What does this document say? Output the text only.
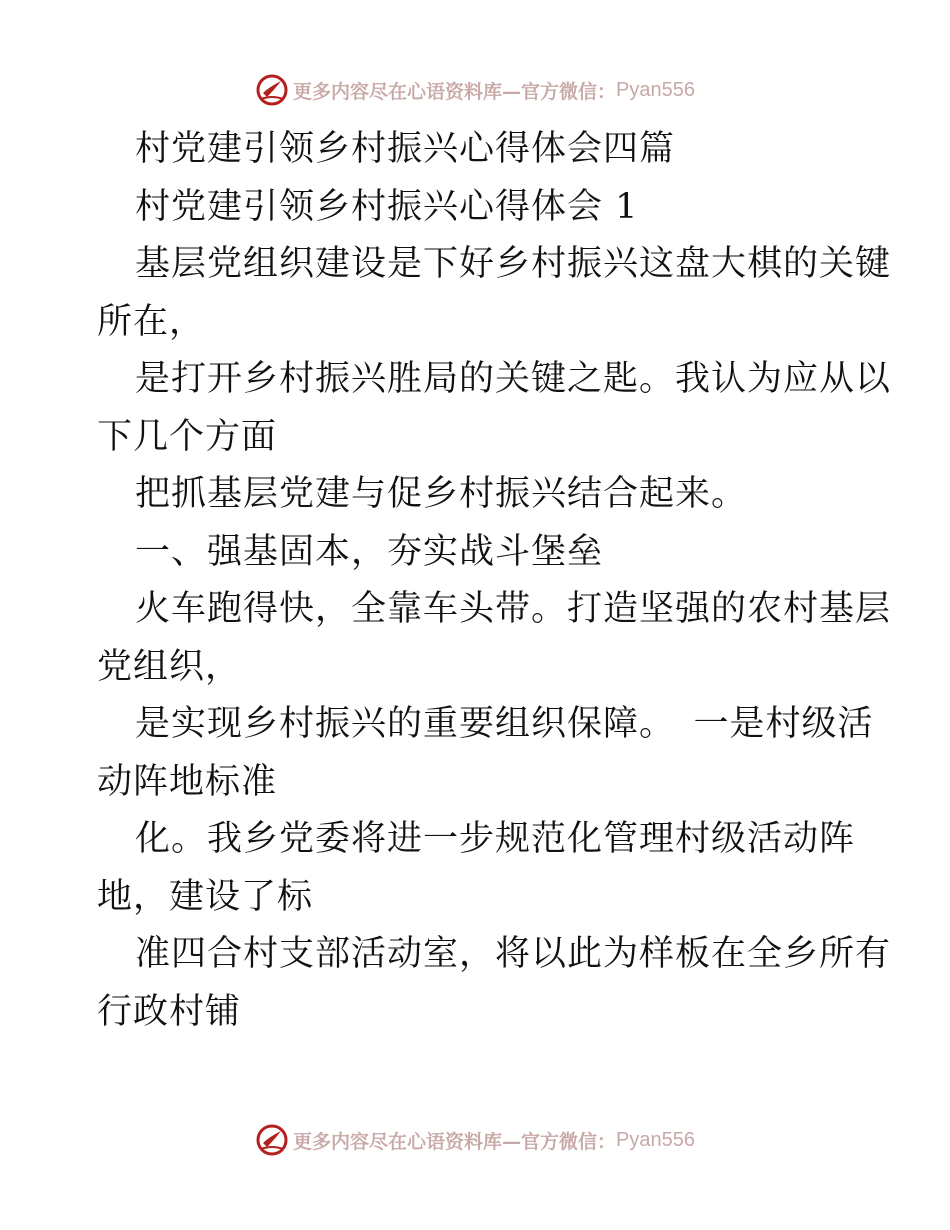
更多内容尽在心语资料库—官方微信： Pyan556
村党建引领乡村振兴心得体会四篇
村党建引领乡村振兴心得体会 1
基层党组织建设是下好乡村振兴这盘大棋的关键
所在，
是打开乡村振兴胜局的关键之匙。我认为应从以
下几个方面
把抓基层党建与促乡村振兴结合起来。
一、强基固本，夯实战斗堡垒
火车跑得快，全靠车头带。打造坚强的农村基层
党组织，
是实现乡村振兴的重要组织保障。　一是村级活
动阵地标准
化。我乡党委将进一步规范化管理村级活动阵
地，建设了标
准四合村支部活动室，将以此为样板在全乡所有
行政村铺
更多内容尽在心语资料库—官方微信： Pyan556
